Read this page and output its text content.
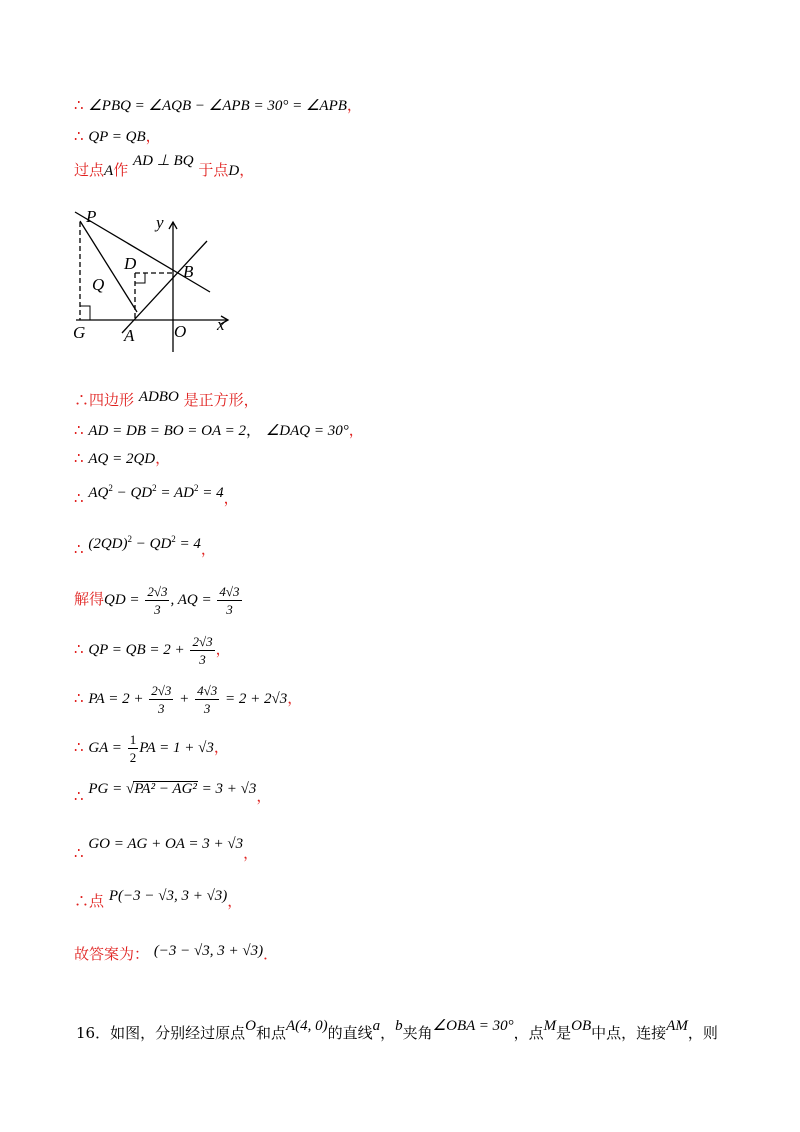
∴ ∠PBQ = ∠AQB − ∠APB = 30° = ∠APB，
∴ QP = QB，
过点A作 AD ⊥ BQ 于点D，
P	y
D	B
Q
G A O x
∴四边形 ADBO 是正方形，
∴ AD = DB = BO = OA = 2， ∠DAQ = 30°，
∴ AQ = 2QD，
∴ $AQ^2 - QD^2 = AD^2 = 4$，
∴ $(2QD)^2 - QD^2 = 4$，
解得QD = $\frac{2√3}{3}$ , AQ = $\frac{4√3}{3}$
∴ QP = QB = $2 + \frac{2√3}{3}$ ，
∴ PA = $2 + \frac{2√3}{3} + \frac{4√3}{3} = 2 + 2√3$，
∴ GA = $\frac{1}{2}$ PA = 1 + √3，
∴ PG = √PA² − AG² = 3 + √3，
∴ GO = AG + OA = 3 + √3，
∴点 P(−3 − √3, 3 + √3)，
故答案为： (−3 − √3, 3 + √3)．
16．如图，分别经过原点O和点A(4, 0)的直线a，b夹角∠OBA = 30°，点M是OB中点，连接AM，则
